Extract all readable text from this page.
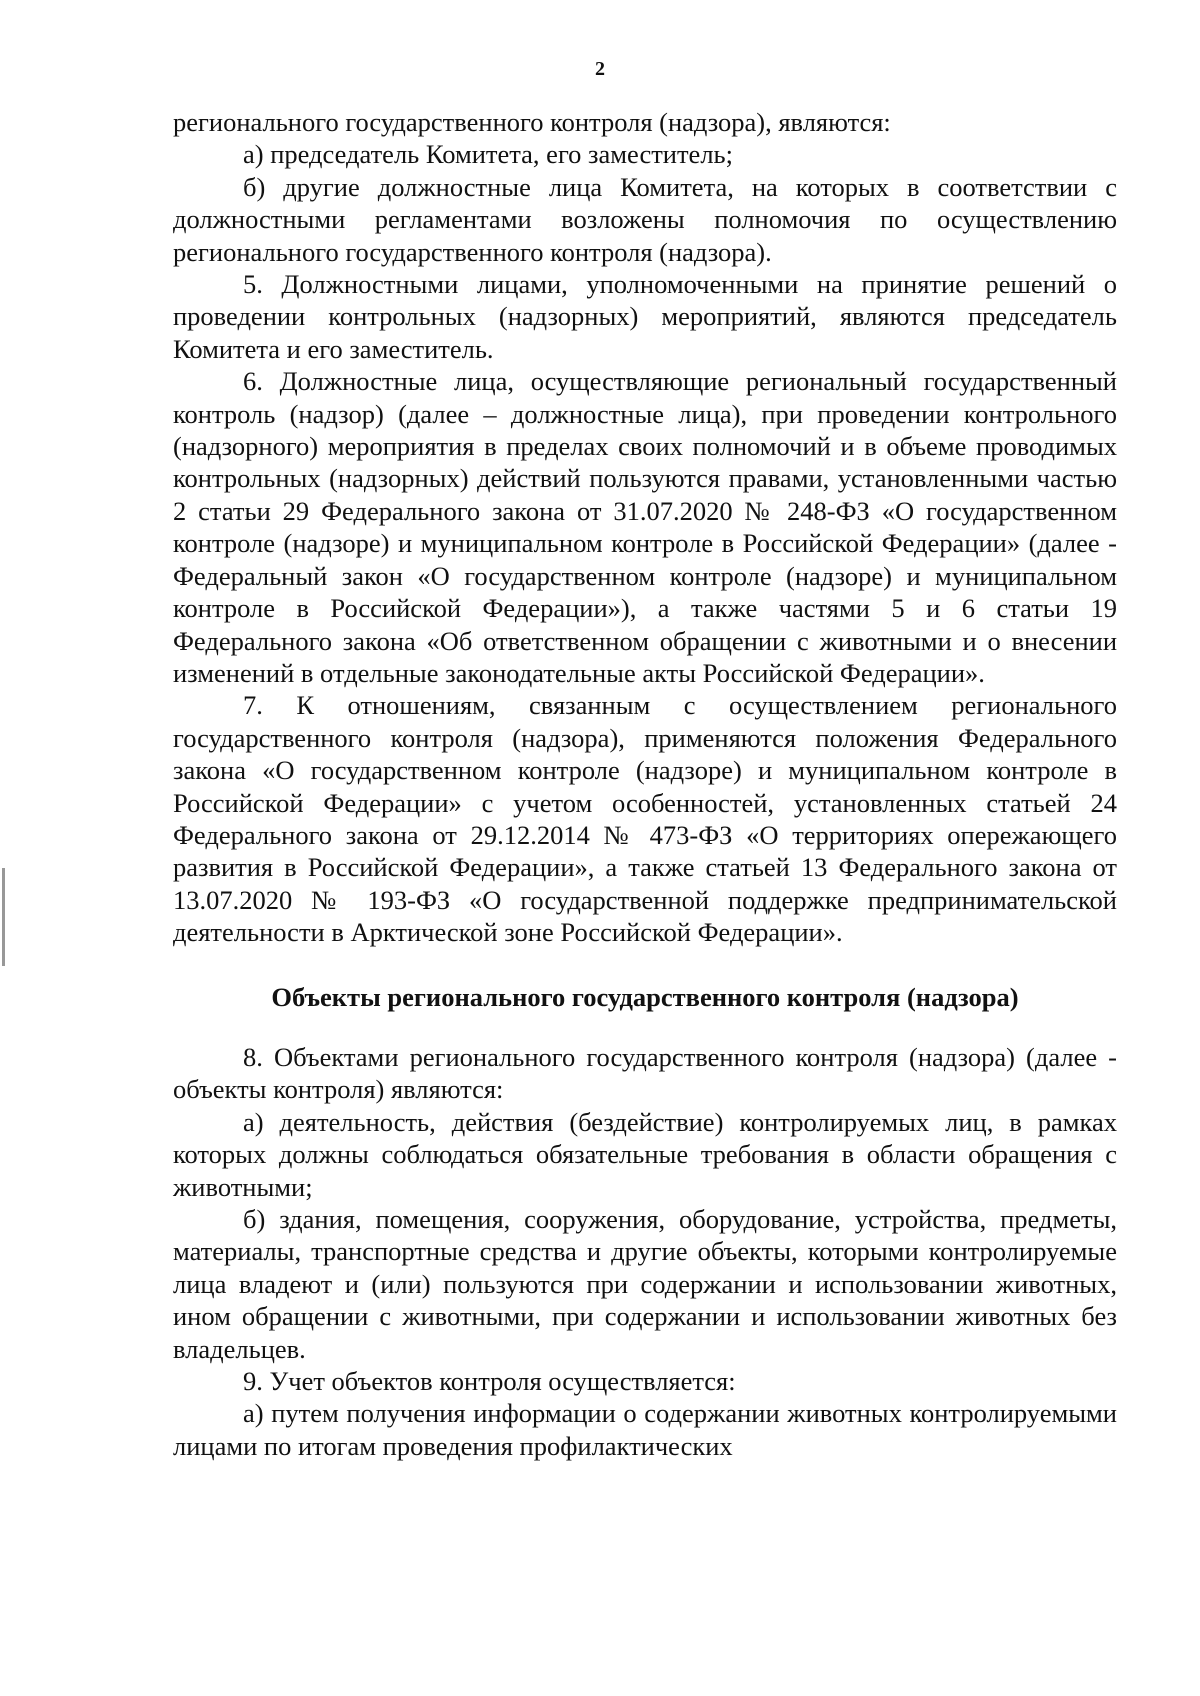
2

регионального государственного контроля (надзора), являются:

а) председатель Комитета, его заместитель;

б) другие должностные лица Комитета, на которых в соответствии с должностными регламентами возложены полномочия по осуществлению регионального государственного контроля (надзора).

5. Должностными лицами, уполномоченными на принятие решений о проведении контрольных (надзорных) мероприятий, являются председатель Комитета и его заместитель.

6. Должностные лица, осуществляющие региональный государственный контроль (надзор) (далее – должностные лица), при проведении контрольного (надзорного) мероприятия в пределах своих полномочий и в объеме проводимых контрольных (надзорных) действий пользуются правами, установленными частью 2 статьи 29 Федерального закона от 31.07.2020 № 248-ФЗ «О государственном контроле (надзоре) и муниципальном контроле в Российской Федерации» (далее - Федеральный закон «О государственном контроле (надзоре) и муниципальном контроле в Российской Федерации»), а также частями 5 и 6 статьи 19 Федерального закона «Об ответственном обращении с животными и о внесении изменений в отдельные законодательные акты Российской Федерации».

7. К отношениям, связанным с осуществлением регионального государственного контроля (надзора), применяются положения Федерального закона «О государственном контроле (надзоре) и муниципальном контроле в Российской Федерации» с учетом особенностей, установленных статьей 24 Федерального закона от 29.12.2014 № 473-ФЗ «О территориях опережающего развития в Российской Федерации», а также статьей 13 Федерального закона от 13.07.2020 № 193-ФЗ «О государственной поддержке предпринимательской деятельности в Арктической зоне Российской Федерации».

Объекты регионального государственного контроля (надзора)

8. Объектами регионального государственного контроля (надзора) (далее - объекты контроля) являются:

а) деятельность, действия (бездействие) контролируемых лиц, в рамках которых должны соблюдаться обязательные требования в области обращения с животными;

б) здания, помещения, сооружения, оборудование, устройства, предметы, материалы, транспортные средства и другие объекты, которыми контролируемые лица владеют и (или) пользуются при содержании и использовании животных, ином обращении с животными, при содержании и использовании животных без владельцев.

9. Учет объектов контроля осуществляется:

а) путем получения информации о содержании животных контролируемыми лицами по итогам проведения профилактических
